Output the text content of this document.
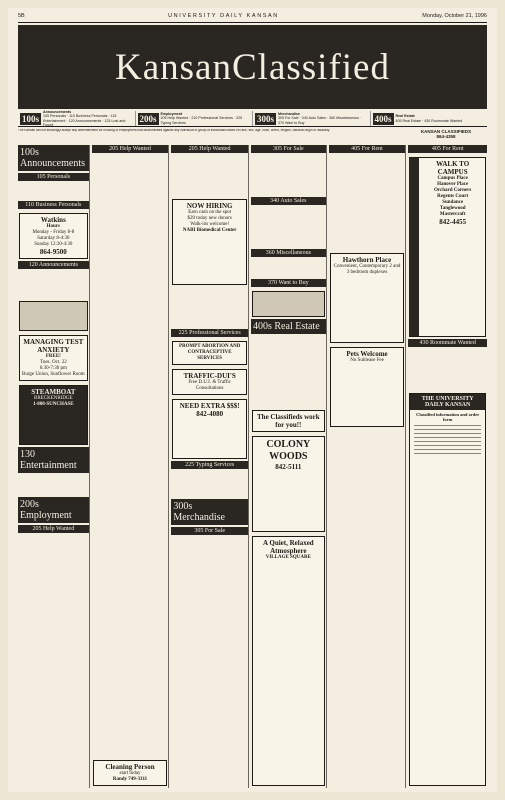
5B	UNIVERSITY DAILY KANSAN	Monday, October 21, 1996
KansanClassified
100s
Announcements
105 Personals · 110 Business Personals · 115 Entertainment · 120 Announcements · 125 Lost and Found
200s	Employment
205 Help Wanted · 210 Professional Services · 225 Typing Services	300s	Merchandise
305 For Sale · 340 Auto Sales · 360 Miscellaneous · 370 Want to Buy	400s	Real Estate
405 Real Estate · 430 Roommate Wanted
The Kansan will not knowingly accept any advertisement for housing or employment that discriminates against any individual or group of individuals based on race, sex, age, color, creed, religion, national origin or disability.	KANSAN CLASSIFIEDS
864-4358
100s Announcements
105 Personals
110 Business Personals
Watkins
Hours
Monday - Friday 8-8
Saturday 8-4:30
Sunday 12:30-4:30
864-9500
120 Announcements
MANAGING TEST ANXIETY
FREE!
Tues. Oct. 22
6:30-7:30 pm
Burge Union, Sunflower Room
STEAMBOAT
BRECKENRIDGE
1-800-SUNCHASE
130 Entertainment
200s Employment
205 Help Wanted
205 Help Wanted
Cleaning Person
start today
Randy 749-3311
205 Help Wanted
NOW HIRING
Earn cash on the spot
$20 today new donors
Walk-ins welcome!
NABI Biomedical Center
225 Professional Services
PROMPT ABORTION AND CONTRACEPTIVE SERVICES
TRAFFIC-DUI'S
Free D.U.I. & Traffic Consultations
NEED EXTRA $$$!
842-4080
225 Typing Services
300s Merchandise
305 For Sale
305 For Sale
340 Auto Sales
360 Miscellaneous
370 Want to Buy
400s Real Estate
The Classifieds work for you!!
COLONY WOODS
842-5111
A Quiet, Relaxed Atmosphere
VILLAGE SQUARE
405 For Rent
Hawthorn Place
Convenient, Contemporary 2 and 3 bedroom duplexes
Pets Welcome
No Sublease Fee
405 For Rent
WALK TO CAMPUS
Campus Place
Hanover Place
Orchard Corners
Regents Court
Sundance
Tanglewood
Mastercraft
842-4455
430 Roommate Wanted
THE UNIVERSITY DAILY KANSAN
Classified information and order form
